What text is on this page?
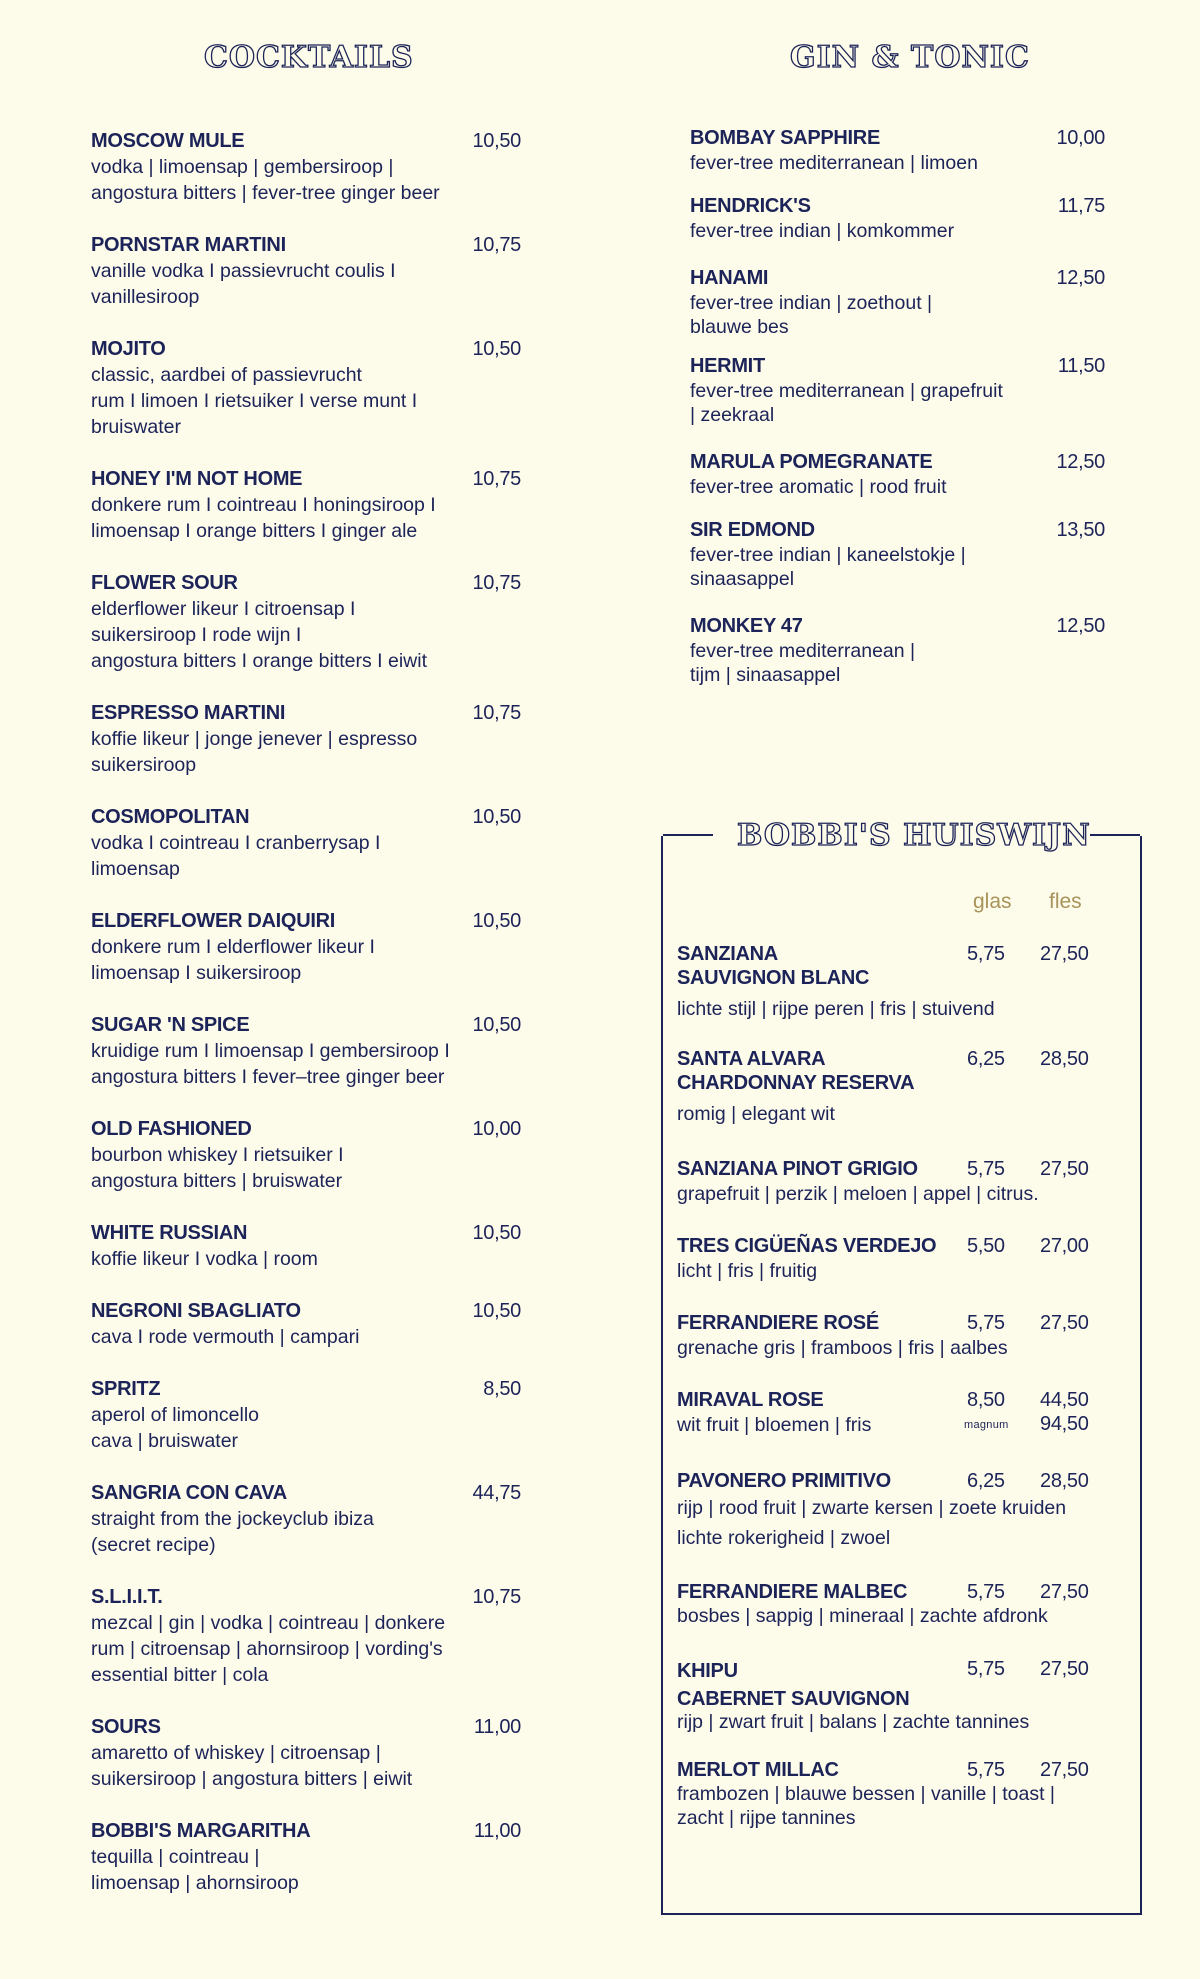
COCKTAILS	GIN & TONIC
MOSCOW MULE	10,50
vodka | limoensap | gembersiroop |
angostura bitters | fever-tree ginger beer
PORNSTAR MARTINI	10,75
vanille vodka I passievrucht coulis I
vanillesiroop
MOJITO	10,50
classic, aardbei of passievrucht
rum I limoen I rietsuiker I verse munt I
bruiswater
HONEY I'M NOT HOME	10,75
donkere rum I cointreau I honingsiroop I
limoensap I orange bitters I ginger ale
FLOWER SOUR	10,75
elderflower likeur I citroensap I
suikersiroop I rode wijn I
angostura bitters I orange bitters I eiwit
ESPRESSO MARTINI	10,75
koffie likeur | jonge jenever | espresso
suikersiroop
COSMOPOLITAN	10,50
vodka I cointreau I cranberrysap I
limoensap
ELDERFLOWER DAIQUIRI	10,50
donkere rum I elderflower likeur I
limoensap I suikersiroop
SUGAR 'N SPICE	10,50
kruidige rum I limoensap I gembersiroop I
angostura bitters I fever–tree ginger beer
OLD FASHIONED	10,00
bourbon whiskey I rietsuiker I
angostura bitters | bruiswater
WHITE RUSSIAN	10,50
koffie likeur I vodka | room
NEGRONI SBAGLIATO	10,50
cava I rode vermouth | campari
SPRITZ	8,50
aperol of limoncello
cava | bruiswater
SANGRIA CON CAVA	44,75
straight from the jockeyclub ibiza
(secret recipe)
S.L.I.I.T.	10,75
mezcal | gin | vodka | cointreau | donkere
rum | citroensap | ahornsiroop | vording's
essential bitter | cola
SOURS	11,00
amaretto of whiskey | citroensap |
suikersiroop | angostura bitters | eiwit
BOBBI'S MARGARITHA	11,00
tequilla | cointreau |
limoensap | ahornsiroop
BOMBAY SAPPHIRE	10,00
fever-tree mediterranean | limoen
HENDRICK'S	11,75
fever-tree indian | komkommer
HANAMI	12,50
fever-tree indian | zoethout |
blauwe bes
HERMIT	11,50
fever-tree mediterranean | grapefruit
| zeekraal
MARULA POMEGRANATE	12,50
fever-tree aromatic | rood fruit
SIR EDMOND	13,50
fever-tree indian | kaneelstokje |
sinaasappel
MONKEY 47	12,50
fever-tree mediterranean |
tijm | sinaasappel
BOBBI'S HUISWIJN
glas fles
SANZIANA
SAUVIGNON BLANC
5,75 27,50
lichte stijl | rijpe peren | fris | stuivend
SANTA ALVARA
CHARDONNAY RESERVA
6,25 28,50
romig | elegant wit
SANZIANA PINOT GRIGIO	5,75 27,50
grapefruit | perzik | meloen | appel | citrus.
TRES CIGÜEÑAS VERDEJO	5,50 27,00
licht | fris | fruitig
FERRANDIERE ROSÉ	5,75 27,50
grenache gris | framboos | fris | aalbes
MIRAVAL ROSE	8,50 44,50
magnum 94,50
wit fruit | bloemen | fris
PAVONERO PRIMITIVO	6,25 28,50
rijp | rood fruit | zwarte kersen | zoete kruiden
lichte rokerigheid | zwoel
FERRANDIERE MALBEC	5,75 27,50
bosbes | sappig | mineraal | zachte afdronk
KHIPU
CABERNET SAUVIGNON
5,75 27,50
rijp | zwart fruit | balans | zachte tannines
MERLOT MILLAC	5,75 27,50
frambozen | blauwe bessen | vanille | toast |
zacht | rijpe tannines
